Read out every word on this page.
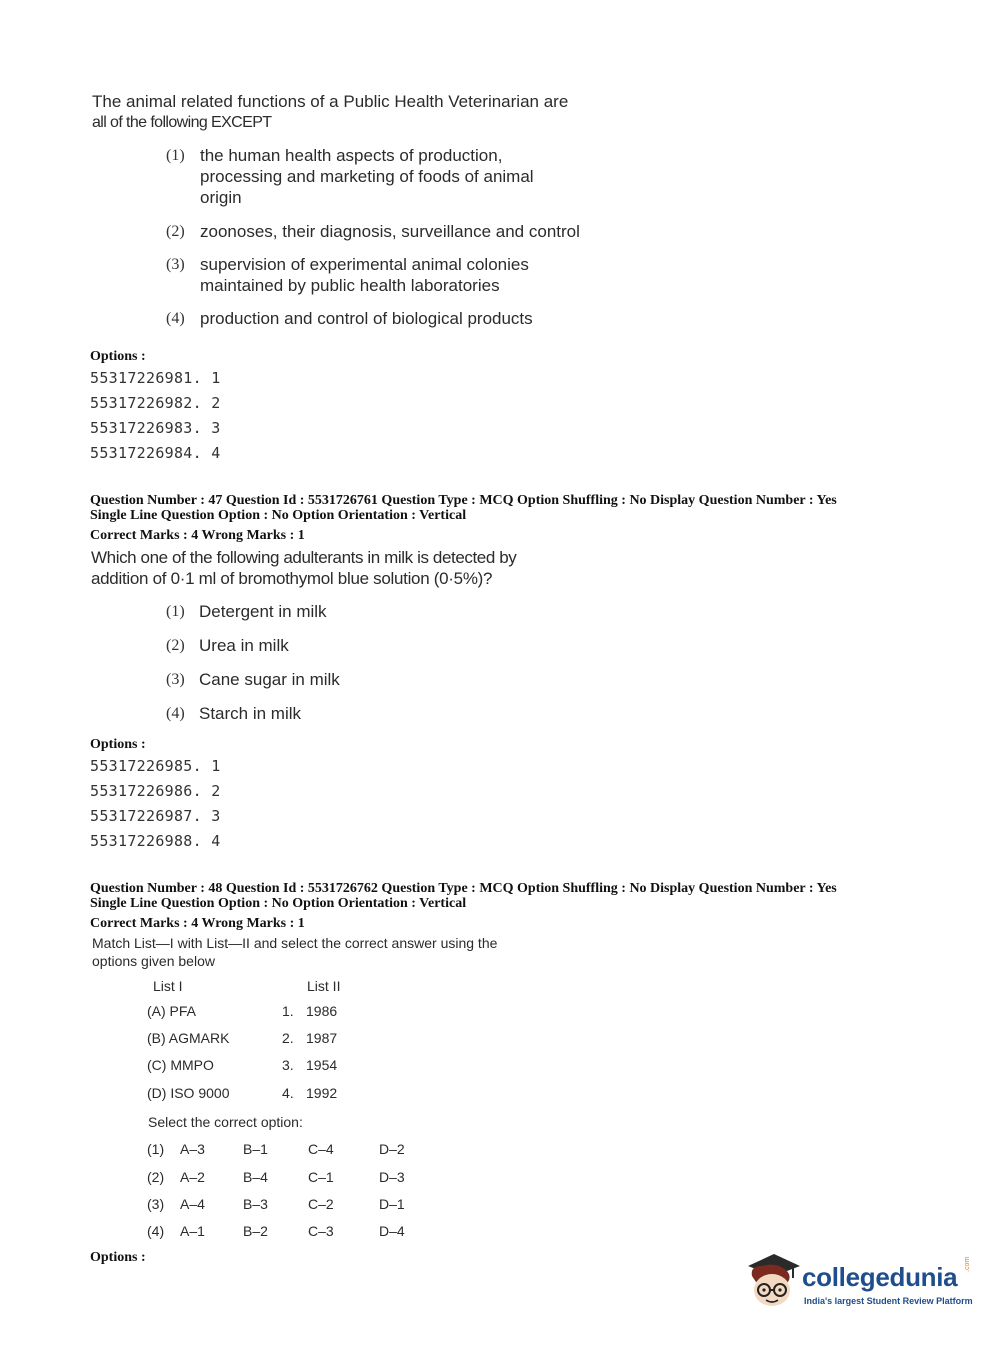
The animal related functions of a Public Health Veterinarian are
all of the following EXCEPT
(1) the human health aspects of production,
processing and marketing of foods of animal
origin
(2) zoonoses, their diagnosis, surveillance and control
(3) supervision of experimental animal colonies
maintained by public health laboratories
(4) production and control of biological products
Options :
55317226981. 1
55317226982. 2
55317226983. 3
55317226984. 4
Question Number : 47 Question Id : 5531726761 Question Type : MCQ Option Shuffling : No Display Question Number : Yes
Single Line Question Option : No Option Orientation : Vertical
Correct Marks : 4 Wrong Marks : 1
Which one of the following adulterants in milk is detected by
addition of 0·1 ml of bromothymol blue solution (0·5%)?
(1) Detergent in milk
(2) Urea in milk
(3) Cane sugar in milk
(4) Starch in milk
Options :
55317226985. 1
55317226986. 2
55317226987. 3
55317226988. 4
Question Number : 48 Question Id : 5531726762 Question Type : MCQ Option Shuffling : No Display Question Number : Yes
Single Line Question Option : No Option Orientation : Vertical
Correct Marks : 4 Wrong Marks : 1
Match List—I with List—II and select the correct answer using the
options given below
List I	List II
(A) PFA	1. 1986
(B) AGMARK	2. 1987
(C) MMPO	3. 1954
(D) ISO 9000	4. 1992
Select the correct option:
(1) A–3	B–1	C–4	D–2
(2) A–2	B–4	C–1	D–3
(3) A–4	B–3	C–2	D–1
(4) A–1	B–2	C–3	D–4
Options :
collegedunia .com
India's largest Student Review Platform
